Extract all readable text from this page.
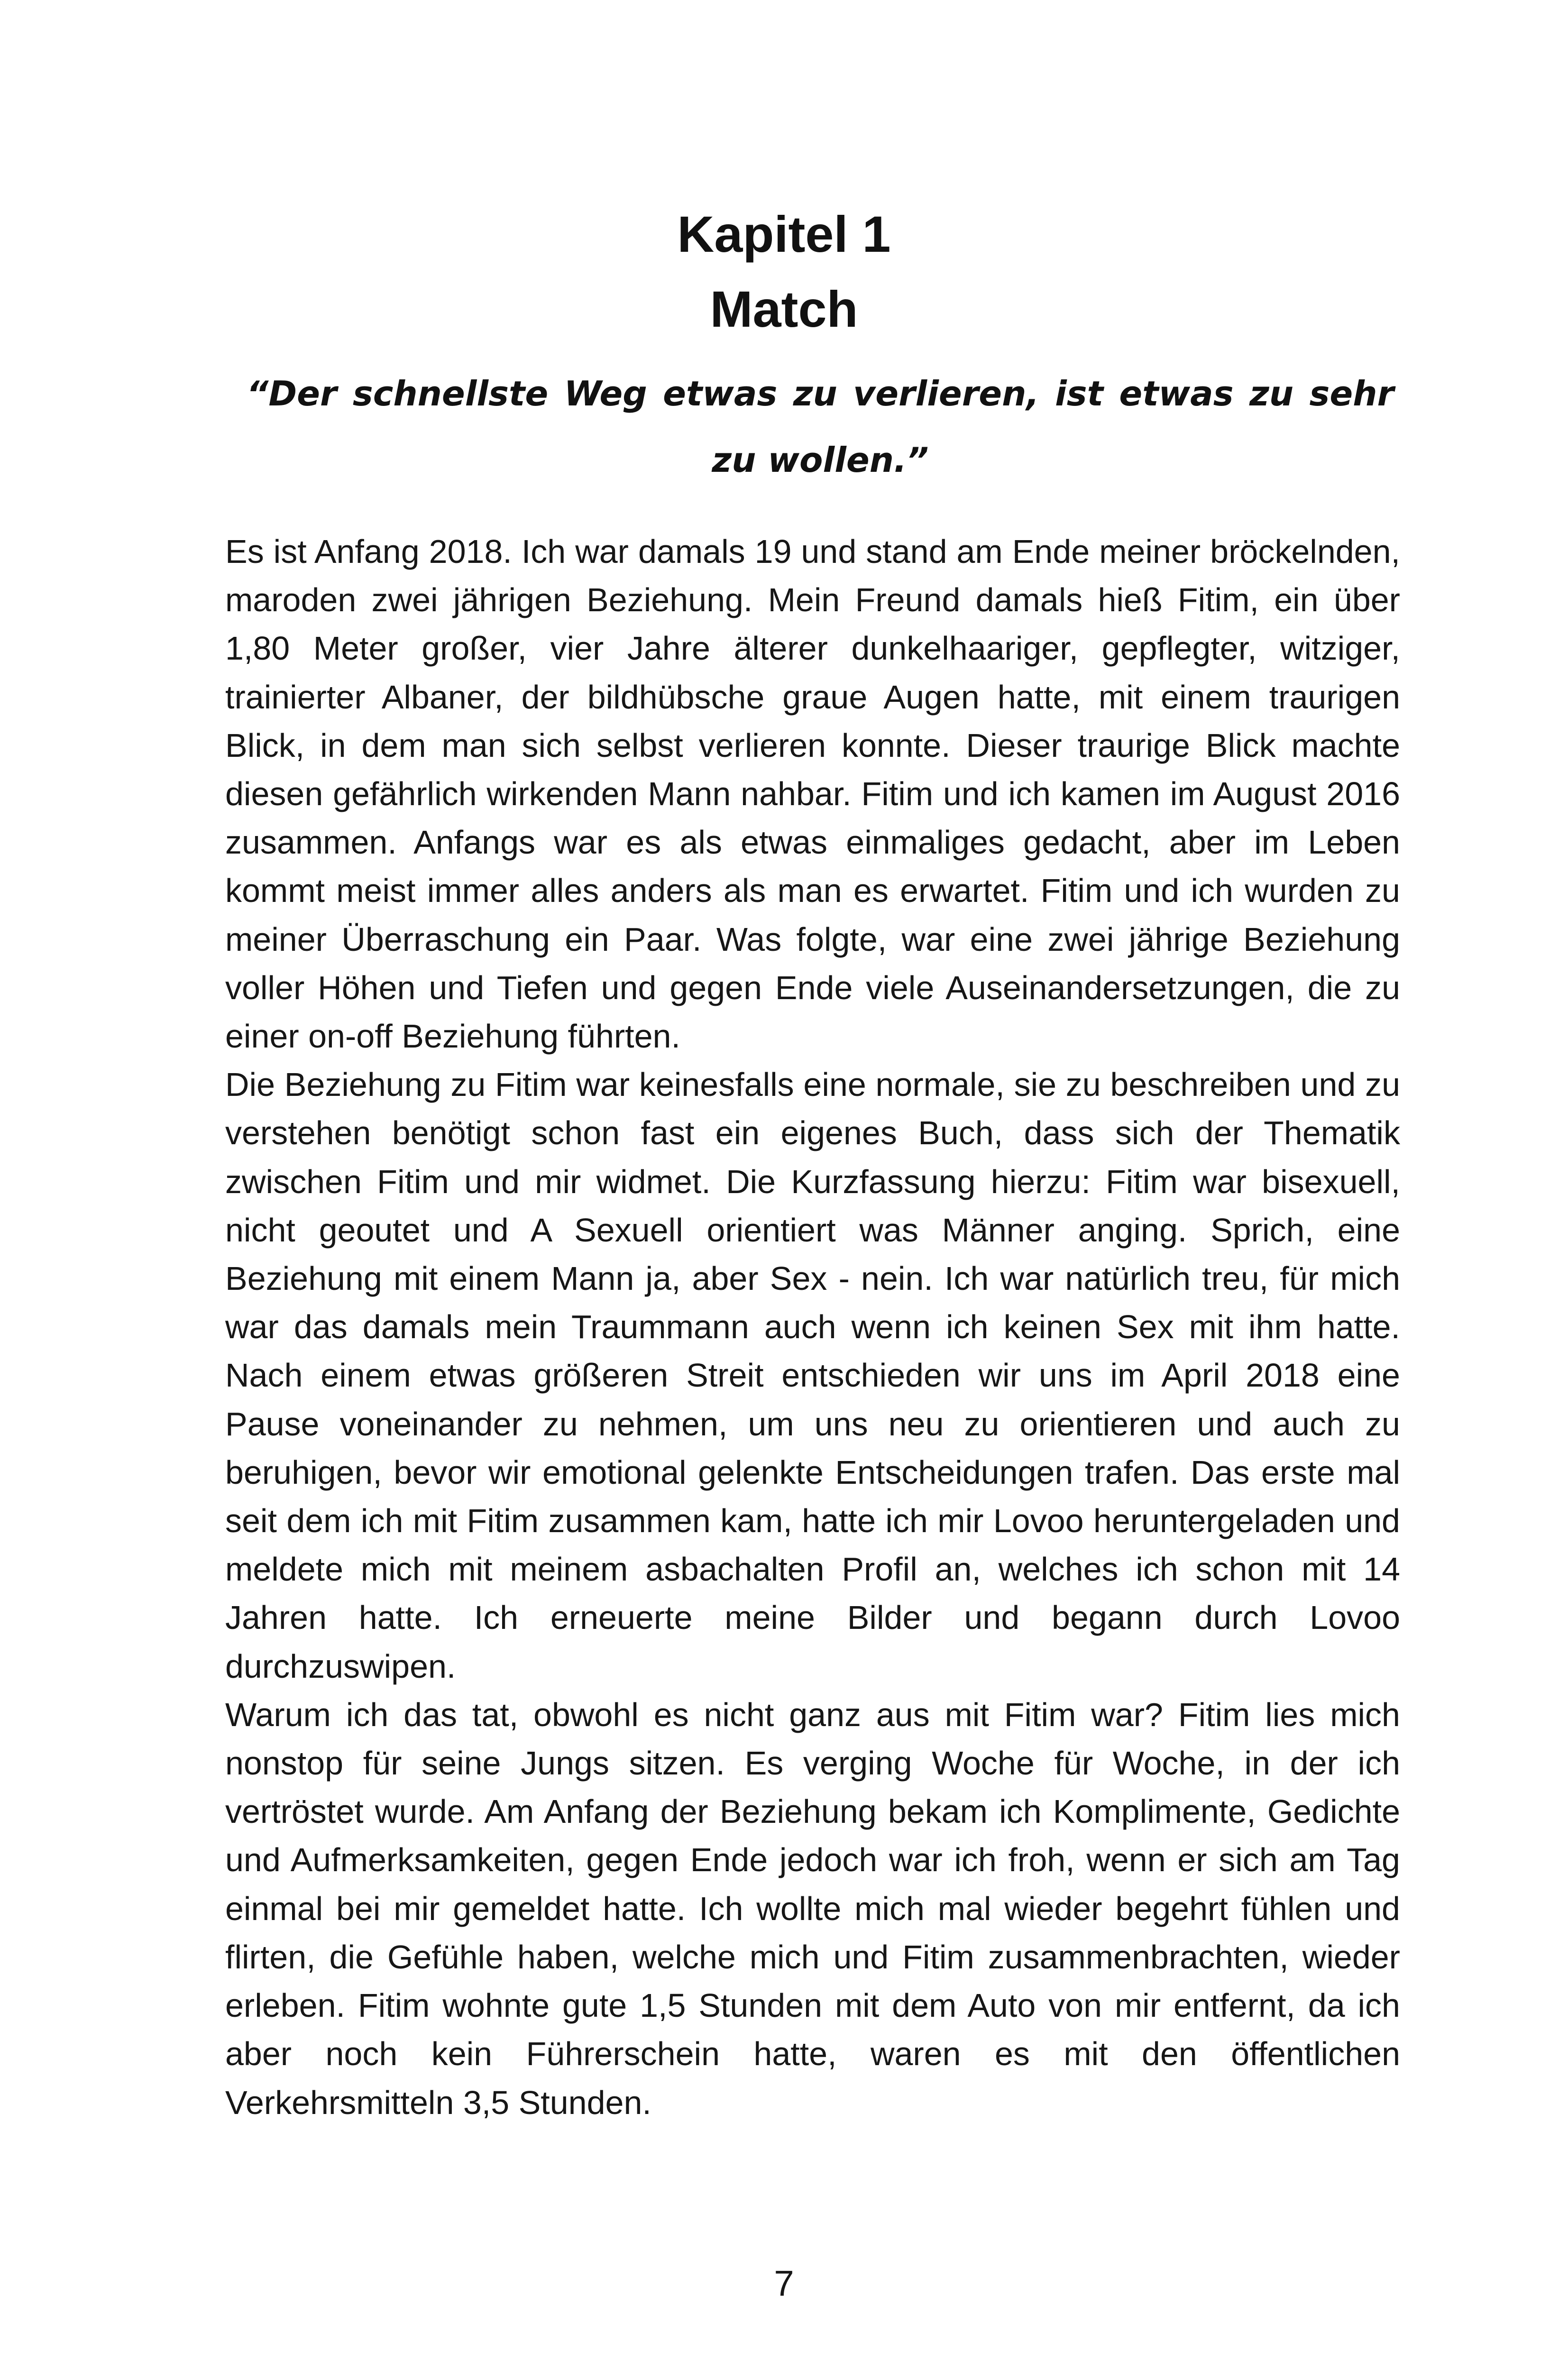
Kapitel 1
Match

“Der schnellste Weg etwas zu verlieren, ist etwas zu sehr zu wollen.”

Es ist Anfang 2018. Ich war damals 19 und stand am Ende meiner bröckelnden, maroden zwei jährigen Beziehung. Mein Freund damals hieß Fitim, ein über 1,80 Meter großer, vier Jahre älterer dunkelhaariger, gepflegter, witziger, trainierter Albaner, der bildhübsche graue Augen hatte, mit einem traurigen Blick, in dem man sich selbst verlieren konnte. Dieser traurige Blick machte diesen gefährlich wirkenden Mann nahbar. Fitim und ich kamen im August 2016 zusammen. Anfangs war es als etwas einmaliges gedacht, aber im Leben kommt meist immer alles anders als man es erwartet. Fitim und ich wurden zu meiner Überraschung ein Paar. Was folgte, war eine zwei jährige Beziehung voller Höhen und Tiefen und gegen Ende viele Auseinandersetzungen, die zu einer on-off Beziehung führten.

Die Beziehung zu Fitim war keinesfalls eine normale, sie zu beschreiben und zu verstehen benötigt schon fast ein eigenes Buch, dass sich der Thematik zwischen Fitim und mir widmet. Die Kurzfassung hierzu: Fitim war bisexuell, nicht geoutet und A Sexuell orientiert was Männer anging. Sprich, eine Beziehung mit einem Mann ja, aber Sex - nein. Ich war natürlich treu, für mich war das damals mein Traummann auch wenn ich keinen Sex mit ihm hatte. Nach einem etwas größeren Streit entschieden wir uns im April 2018 eine Pause voneinander zu nehmen, um uns neu zu orientieren und auch zu beruhigen, bevor wir emotional gelenkte Entscheidungen trafen. Das erste mal seit dem ich mit Fitim zusammen kam, hatte ich mir Lovoo heruntergeladen und meldete mich mit meinem asbachalten Profil an, welches ich schon mit 14 Jahren hatte. Ich erneuerte meine Bilder und begann durch Lovoo durchzuswipen.

Warum ich das tat, obwohl es nicht ganz aus mit Fitim war? Fitim lies mich nonstop für seine Jungs sitzen. Es verging Woche für Woche, in der ich vertröstet wurde. Am Anfang der Beziehung bekam ich Komplimente, Gedichte und Aufmerksamkeiten, gegen Ende jedoch war ich froh, wenn er sich am Tag einmal bei mir gemeldet hatte. Ich wollte mich mal wieder begehrt fühlen und flirten, die Gefühle haben, welche mich und Fitim zusammenbrachten, wieder erleben. Fitim wohnte gute 1,5 Stunden mit dem Auto von mir entfernt, da ich aber noch kein Führerschein hatte, waren es mit den öffentlichen Verkehrsmitteln 3,5 Stunden.

7
